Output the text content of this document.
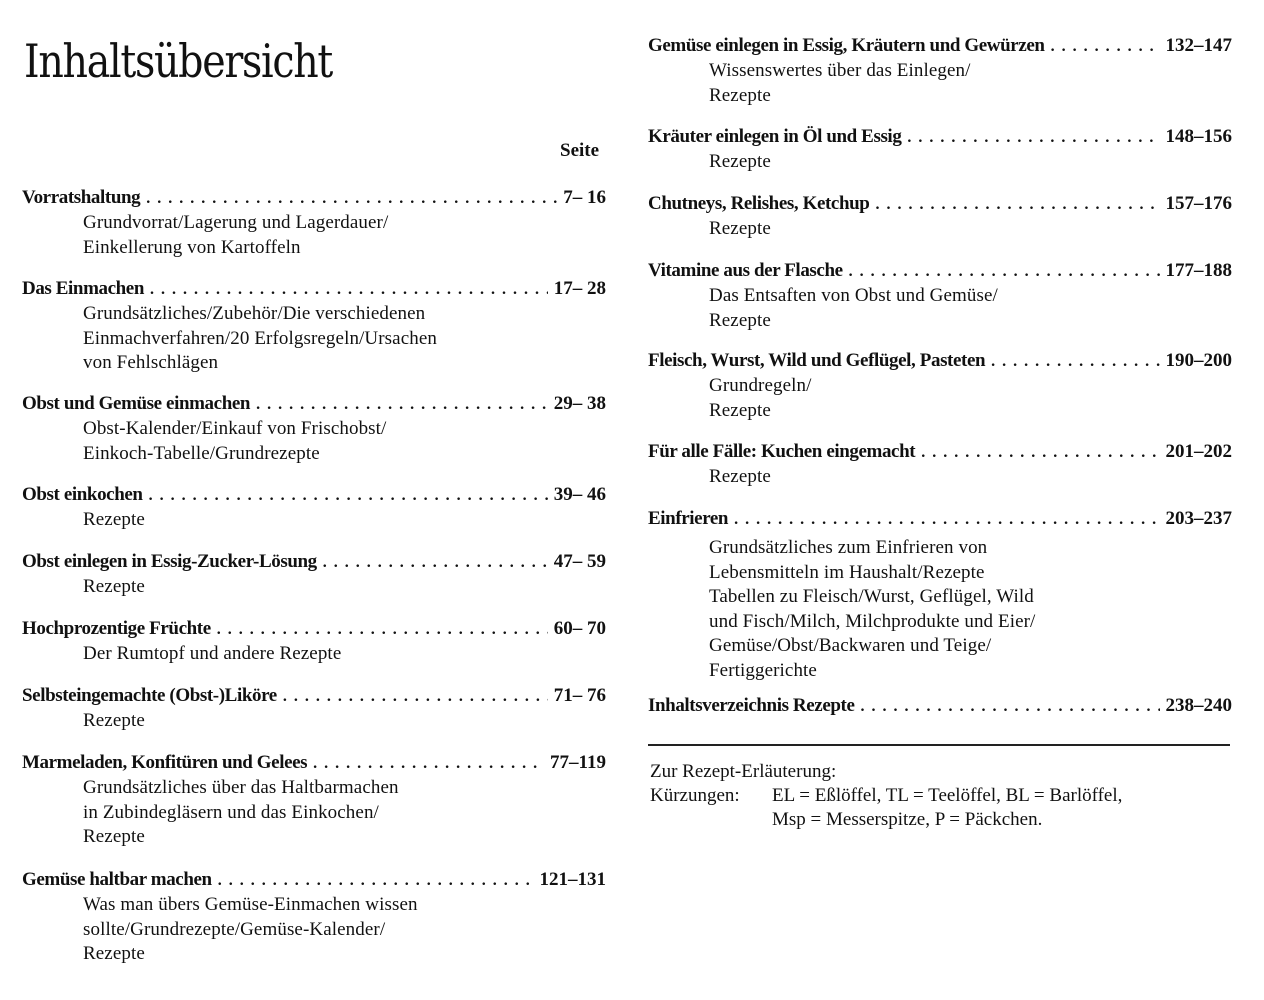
Inhaltsübersicht
Seite
Vorratshaltung . . .	7– 16
Grundvorrat/Lagerung und Lagerdauer/
Einkellerung von Kartoffeln
Das Einmachen . . .	17– 28
Grundsätzliches/Zubehör/Die verschiedenen
Einmachverfahren/20 Erfolgsregeln/Ursachen
von Fehlschlägen
Obst und Gemüse einmachen . . .	29– 38
Obst-Kalender/Einkauf von Frischobst/
Einkoch-Tabelle/Grundrezepte
Obst einkochen . . .	39– 46
Rezepte
Obst einlegen in Essig-Zucker-Lösung . . .	47– 59
Rezepte
Hochprozentige Früchte . . .	60– 70
Der Rumtopf und andere Rezepte
Selbsteingemachte (Obst-)Liköre . . .	71– 76
Rezepte
Marmeladen, Konfitüren und Gelees . . .	77–119
Grundsätzliches über das Haltbarmachen
in Zubindegläsern und das Einkochen/
Rezepte
Gemüse haltbar machen . . .	121–131
Was man übers Gemüse-Einmachen wissen
sollte/Grundrezepte/Gemüse-Kalender/
Rezepte
Gemüse einlegen in Essig, Kräutern und Gewürzen . . .	132–147
Wissenswertes über das Einlegen/
Rezepte
Kräuter einlegen in Öl und Essig . . .	148–156
Rezepte
Chutneys, Relishes, Ketchup . . .	157–176
Rezepte
Vitamine aus der Flasche . . .	177–188
Das Entsaften von Obst und Gemüse/
Rezepte
Fleisch, Wurst, Wild und Geflügel, Pasteten . . .	190–200
Grundregeln/
Rezepte
Für alle Fälle: Kuchen eingemacht . . .	201–202
Rezepte
Einfrieren . . .	203–237
Grundsätzliches zum Einfrieren von
Lebensmitteln im Haushalt/Rezepte
Tabellen zu Fleisch/Wurst, Geflügel, Wild
und Fisch/Milch, Milchprodukte und Eier/
Gemüse/Obst/Backwaren und Teige/
Fertiggerichte
Inhaltsverzeichnis Rezepte . . .	238–240
Zur Rezept-Erläuterung:
Kürzungen:	EL = Eßlöffel, TL = Teelöffel, BL = Barlöffel,
Msp = Messerspitze, P = Päckchen.
